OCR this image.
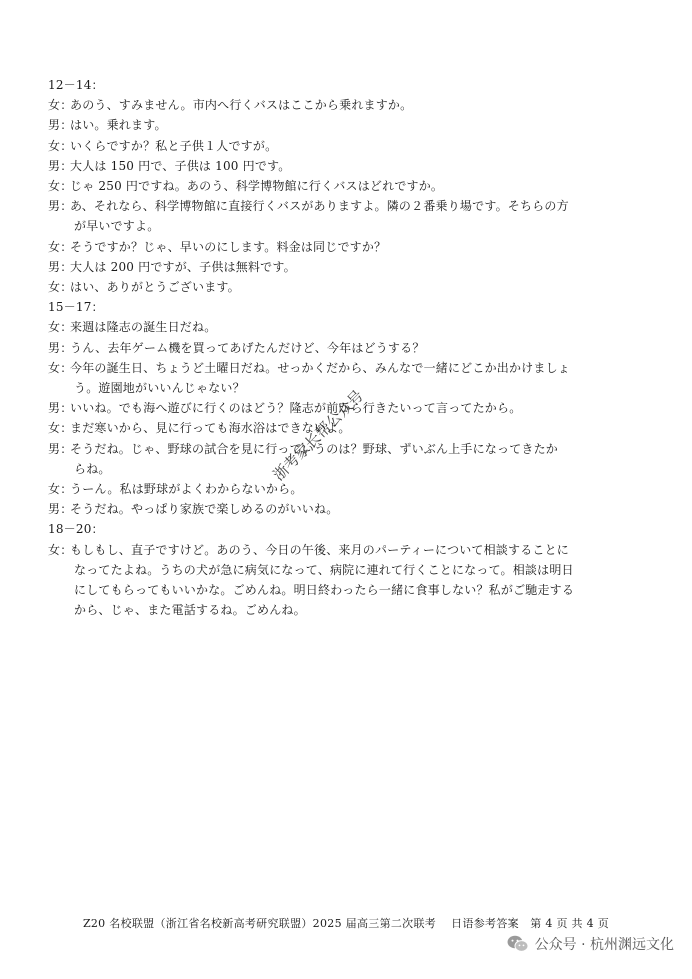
12－14：
女：あのう、すみません。市内へ行くバスはここから乗れますか。
男：はい。乗れます。
女：いくらですか？私と子供１人ですが。
男：大人は 150 円で、子供は 100 円です。
女：じゃ 250 円ですね。あのう、科学博物館に行くバスはどれですか。
男：あ、それなら、科学博物館に直接行くバスがありますよ。隣の２番乗り場です。そちらの方
が早いですよ。
女：そうですか？じゃ、早いのにします。料金は同じですか？
男：大人は 200 円ですが、子供は無料です。
女：はい、ありがとうございます。
15－17：
女：来週は隆志の誕生日だね。
男：うん、去年ゲーム機を買ってあげたんだけど、今年はどうする？
女：今年の誕生日、ちょうど土曜日だね。せっかくだから、みんなで一緒にどこか出かけましょ
う。遊園地がいいんじゃない？
男：いいね。でも海へ遊びに行くのはどう？隆志が前から行きたいって言ってたから。
女：まだ寒いから、見に行っても海水浴はできないよ。
男：そうだね。じゃ、野球の試合を見に行っていうのは？野球、ずいぶん上手になってきたか
らね。
女：うーん。私は野球がよくわからないから。
男：そうだね。やっぱり家族で楽しめるのがいいね。
18－20：
女：もしもし、直子ですけど。あのう、今日の午後、来月のパーティーについて相談することに
なってたよね。うちの犬が急に病気になって、病院に連れて行くことになって。相談は明日
にしてもらってもいいかな。ごめんね。明日終わったら一緒に食事しない？私がご馳走する
から、じゃ、また電話するね。ごめんね。
浙考家长帮公众号
Z20 名校联盟（浙江省名校新高考研究联盟）2025 届高三第二次联考　 日语参考答案　第 4 页 共 4 页
公众号 · 杭州渊远文化
